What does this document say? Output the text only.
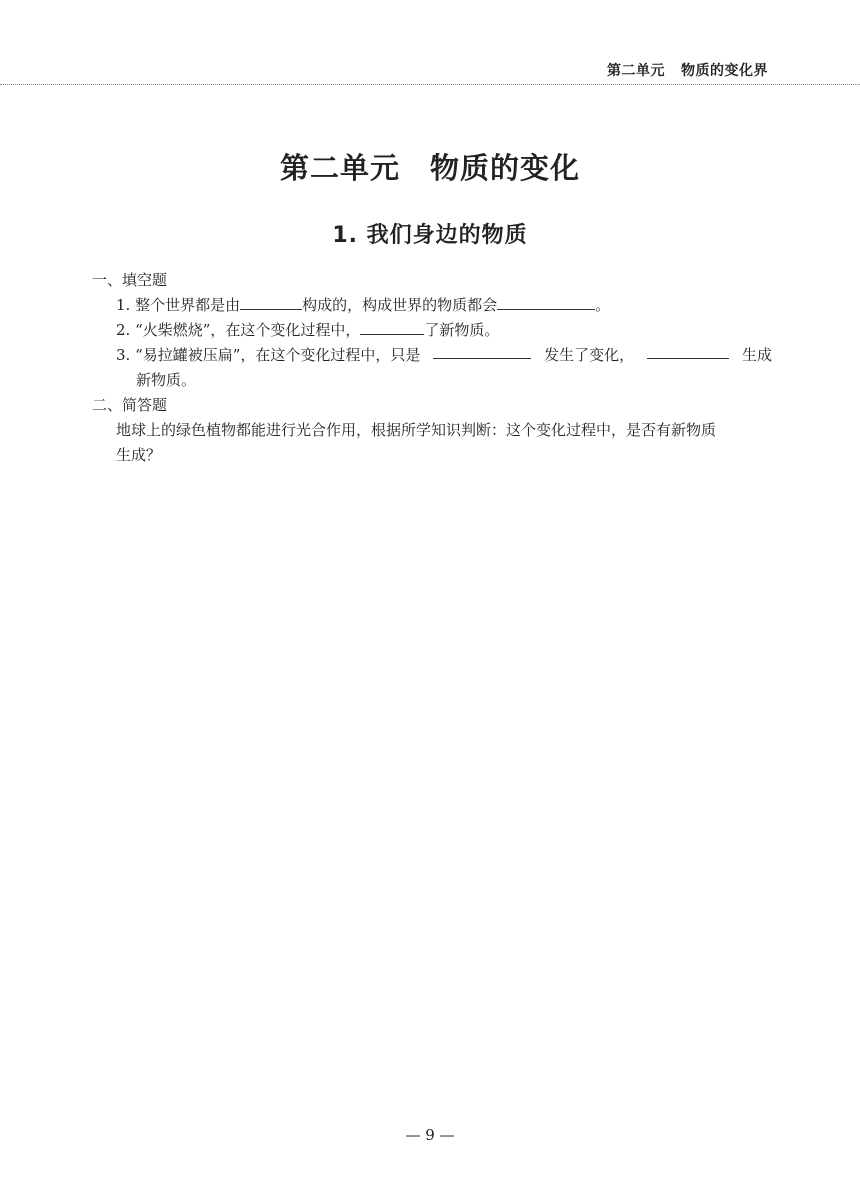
第二单元 物质的变化界
第二单元 物质的变化
1. 我们身边的物质
一、填空题
1. 整个世界都是由	构成的，构成世界的物质都会	。
2. “火柴燃烧”，在这个变化过程中，	了新物质。
3. “易拉罐被压扁”，在这个变化过程中，只是	发生了变化，	生成
新物质。
二、简答题
地球上的绿色植物都能进行光合作用，根据所学知识判断：这个变化过程中，是否有新物质
生成？
— 9 —
